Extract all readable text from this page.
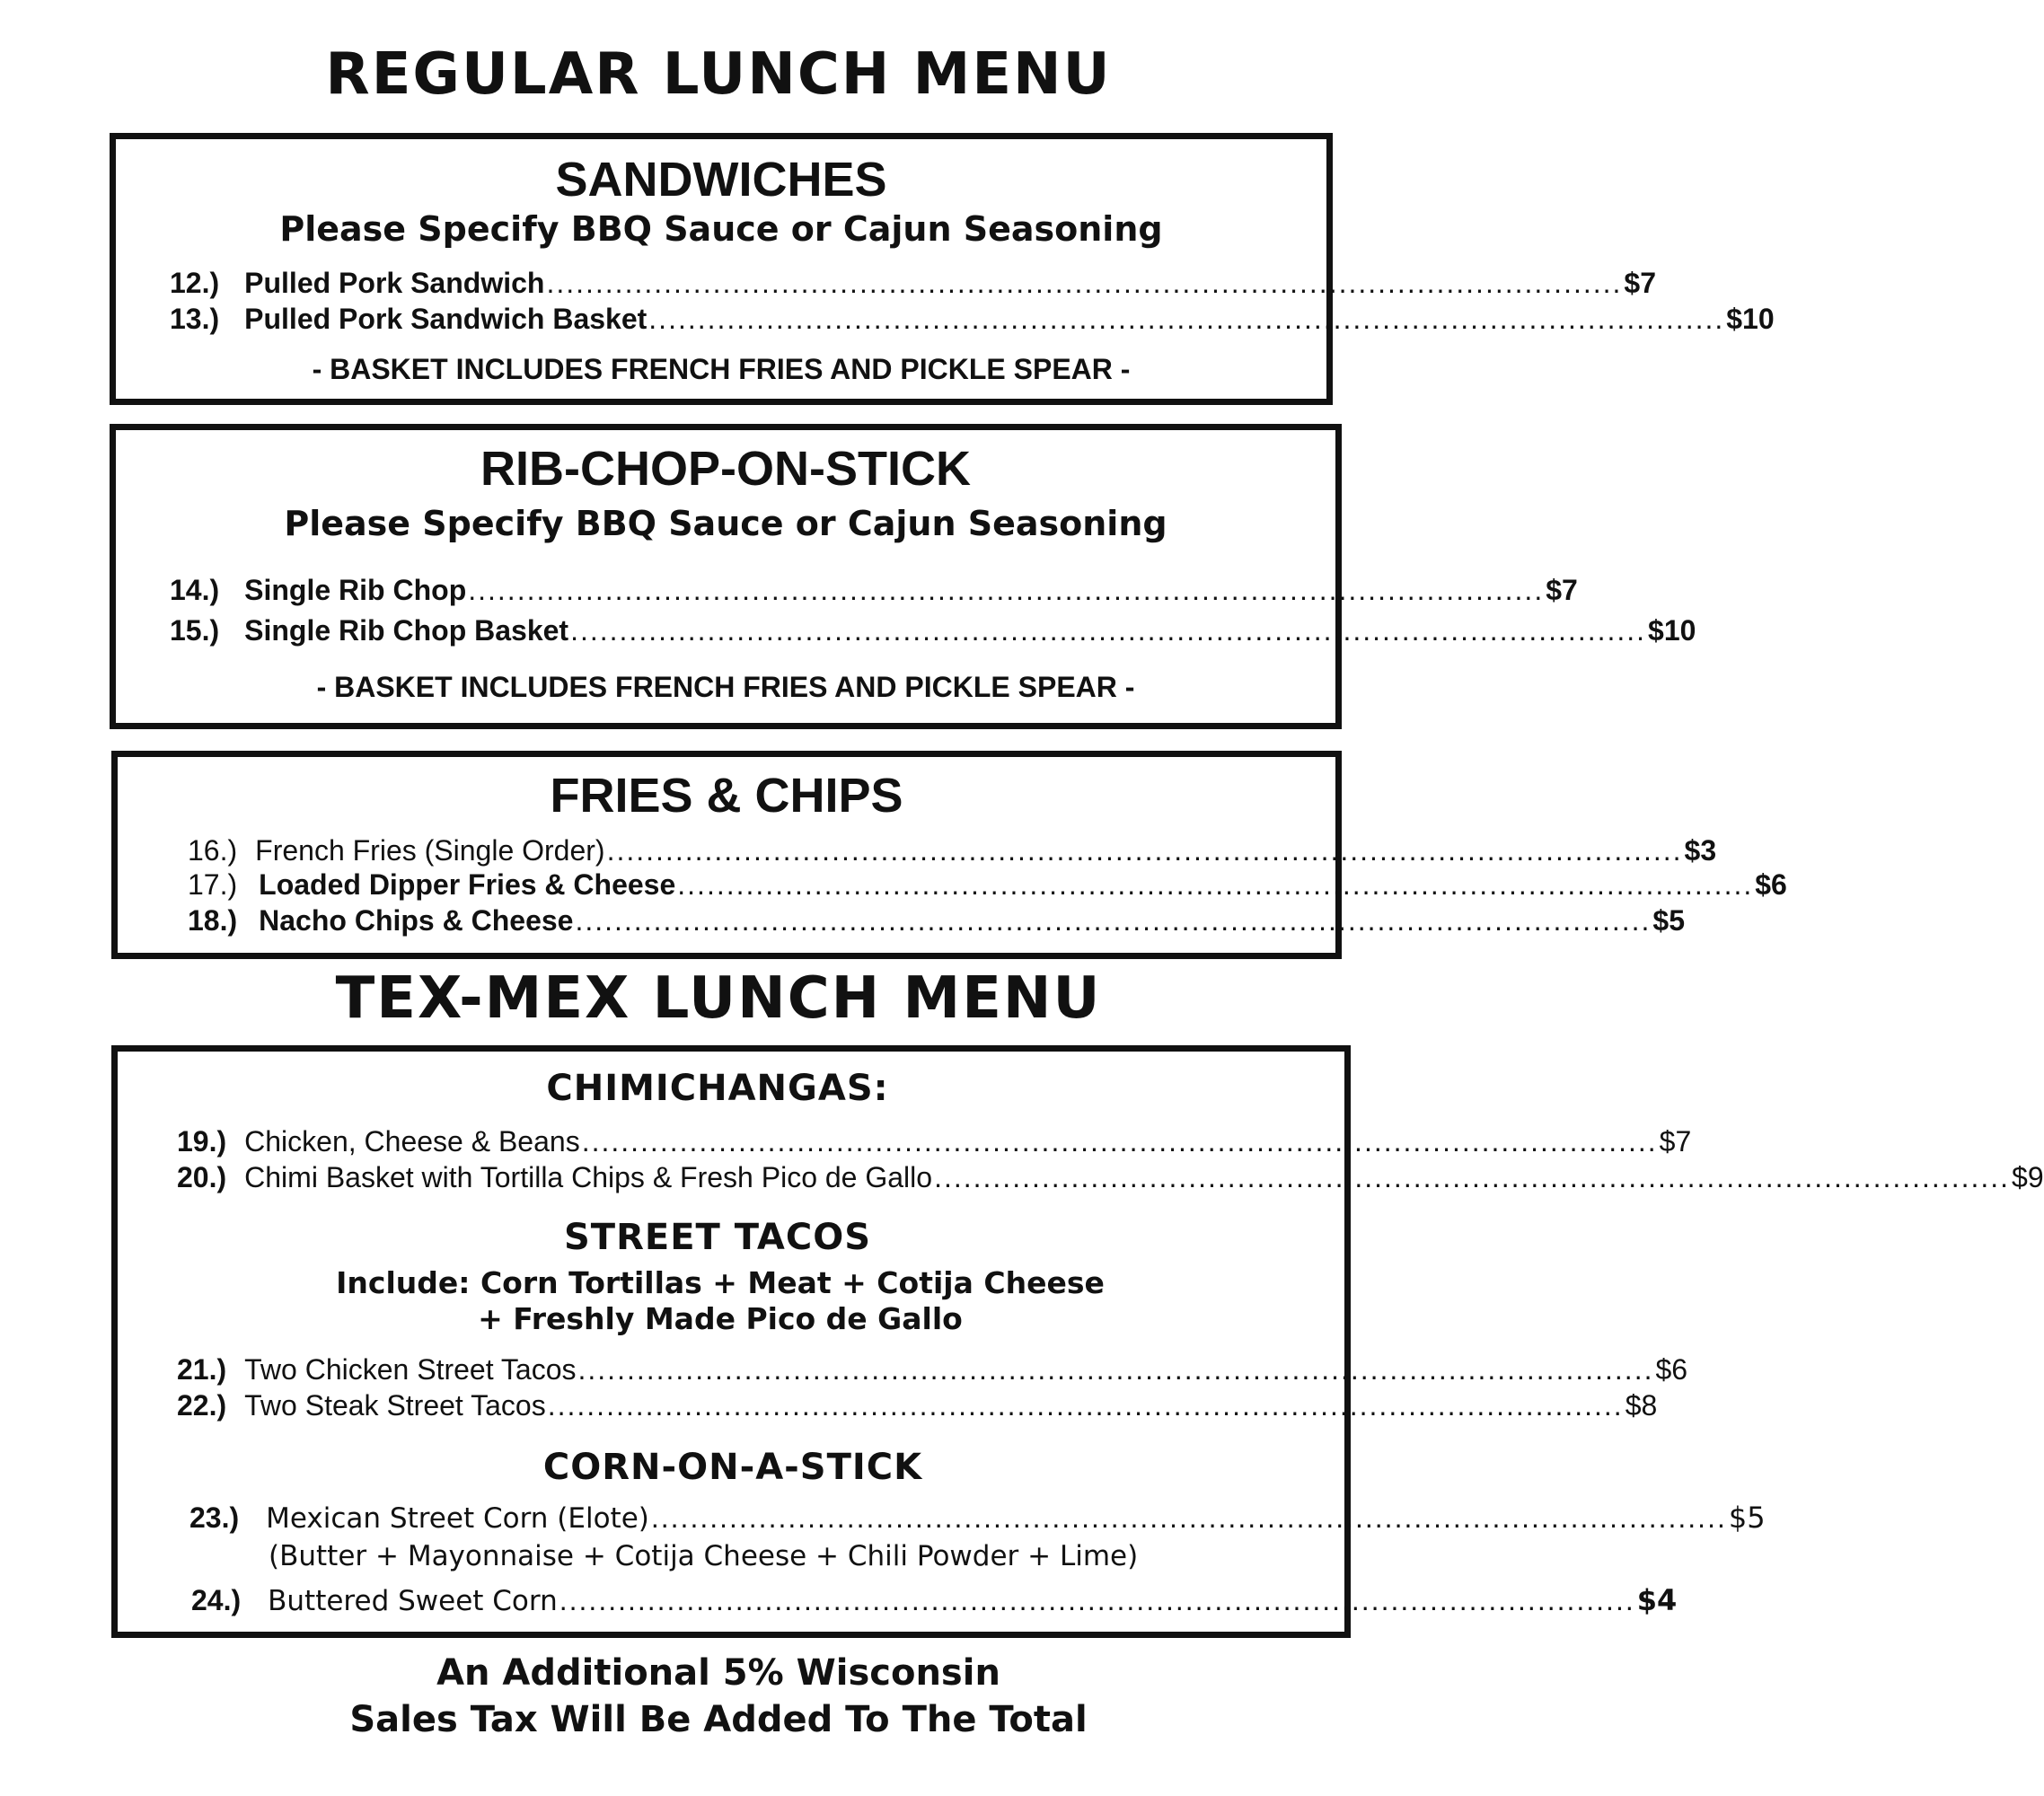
REGULAR LUNCH MENU
SANDWICHES
Please Specify BBQ Sauce or Cajun Seasoning
12.) Pulled Pork Sandwich .............................................................................................................. $7
13.) Pulled Pork Sandwich Basket .............................................................................................................. $10
- BASKET INCLUDES FRENCH FRIES AND PICKLE SPEAR -
RIB-CHOP-ON-STICK
Please Specify BBQ Sauce or Cajun Seasoning
14.) Single Rib Chop .............................................................................................................. $7
15.) Single Rib Chop Basket .............................................................................................................. $10
- BASKET INCLUDES FRENCH FRIES AND PICKLE SPEAR -
FRIES & CHIPS
16.) French Fries (Single Order) .............................................................................................................. $3
17.) Loaded Dipper Fries & Cheese .............................................................................................................. $6
18.) Nacho Chips & Cheese .............................................................................................................. $5
TEX-MEX LUNCH MENU
CHIMICHANGAS:
19.) Chicken, Cheese & Beans .............................................................................................................. $7
20.) Chimi Basket with Tortilla Chips & Fresh Pico de Gallo .............................................................................................................. $9
STREET TACOS
Include: Corn Tortillas + Meat + Cotija Cheese
+ Freshly Made Pico de Gallo
21.) Two Chicken Street Tacos .............................................................................................................. $6
22.) Two Steak Street Tacos .............................................................................................................. $8
CORN-ON-A-STICK
23.) Mexican Street Corn (Elote) .............................................................................................................. $5
(Butter + Mayonnaise + Cotija Cheese + Chili Powder + Lime)
24.) Buttered Sweet Corn .............................................................................................................. $4
An Additional 5% Wisconsin
Sales Tax Will Be Added To The Total
